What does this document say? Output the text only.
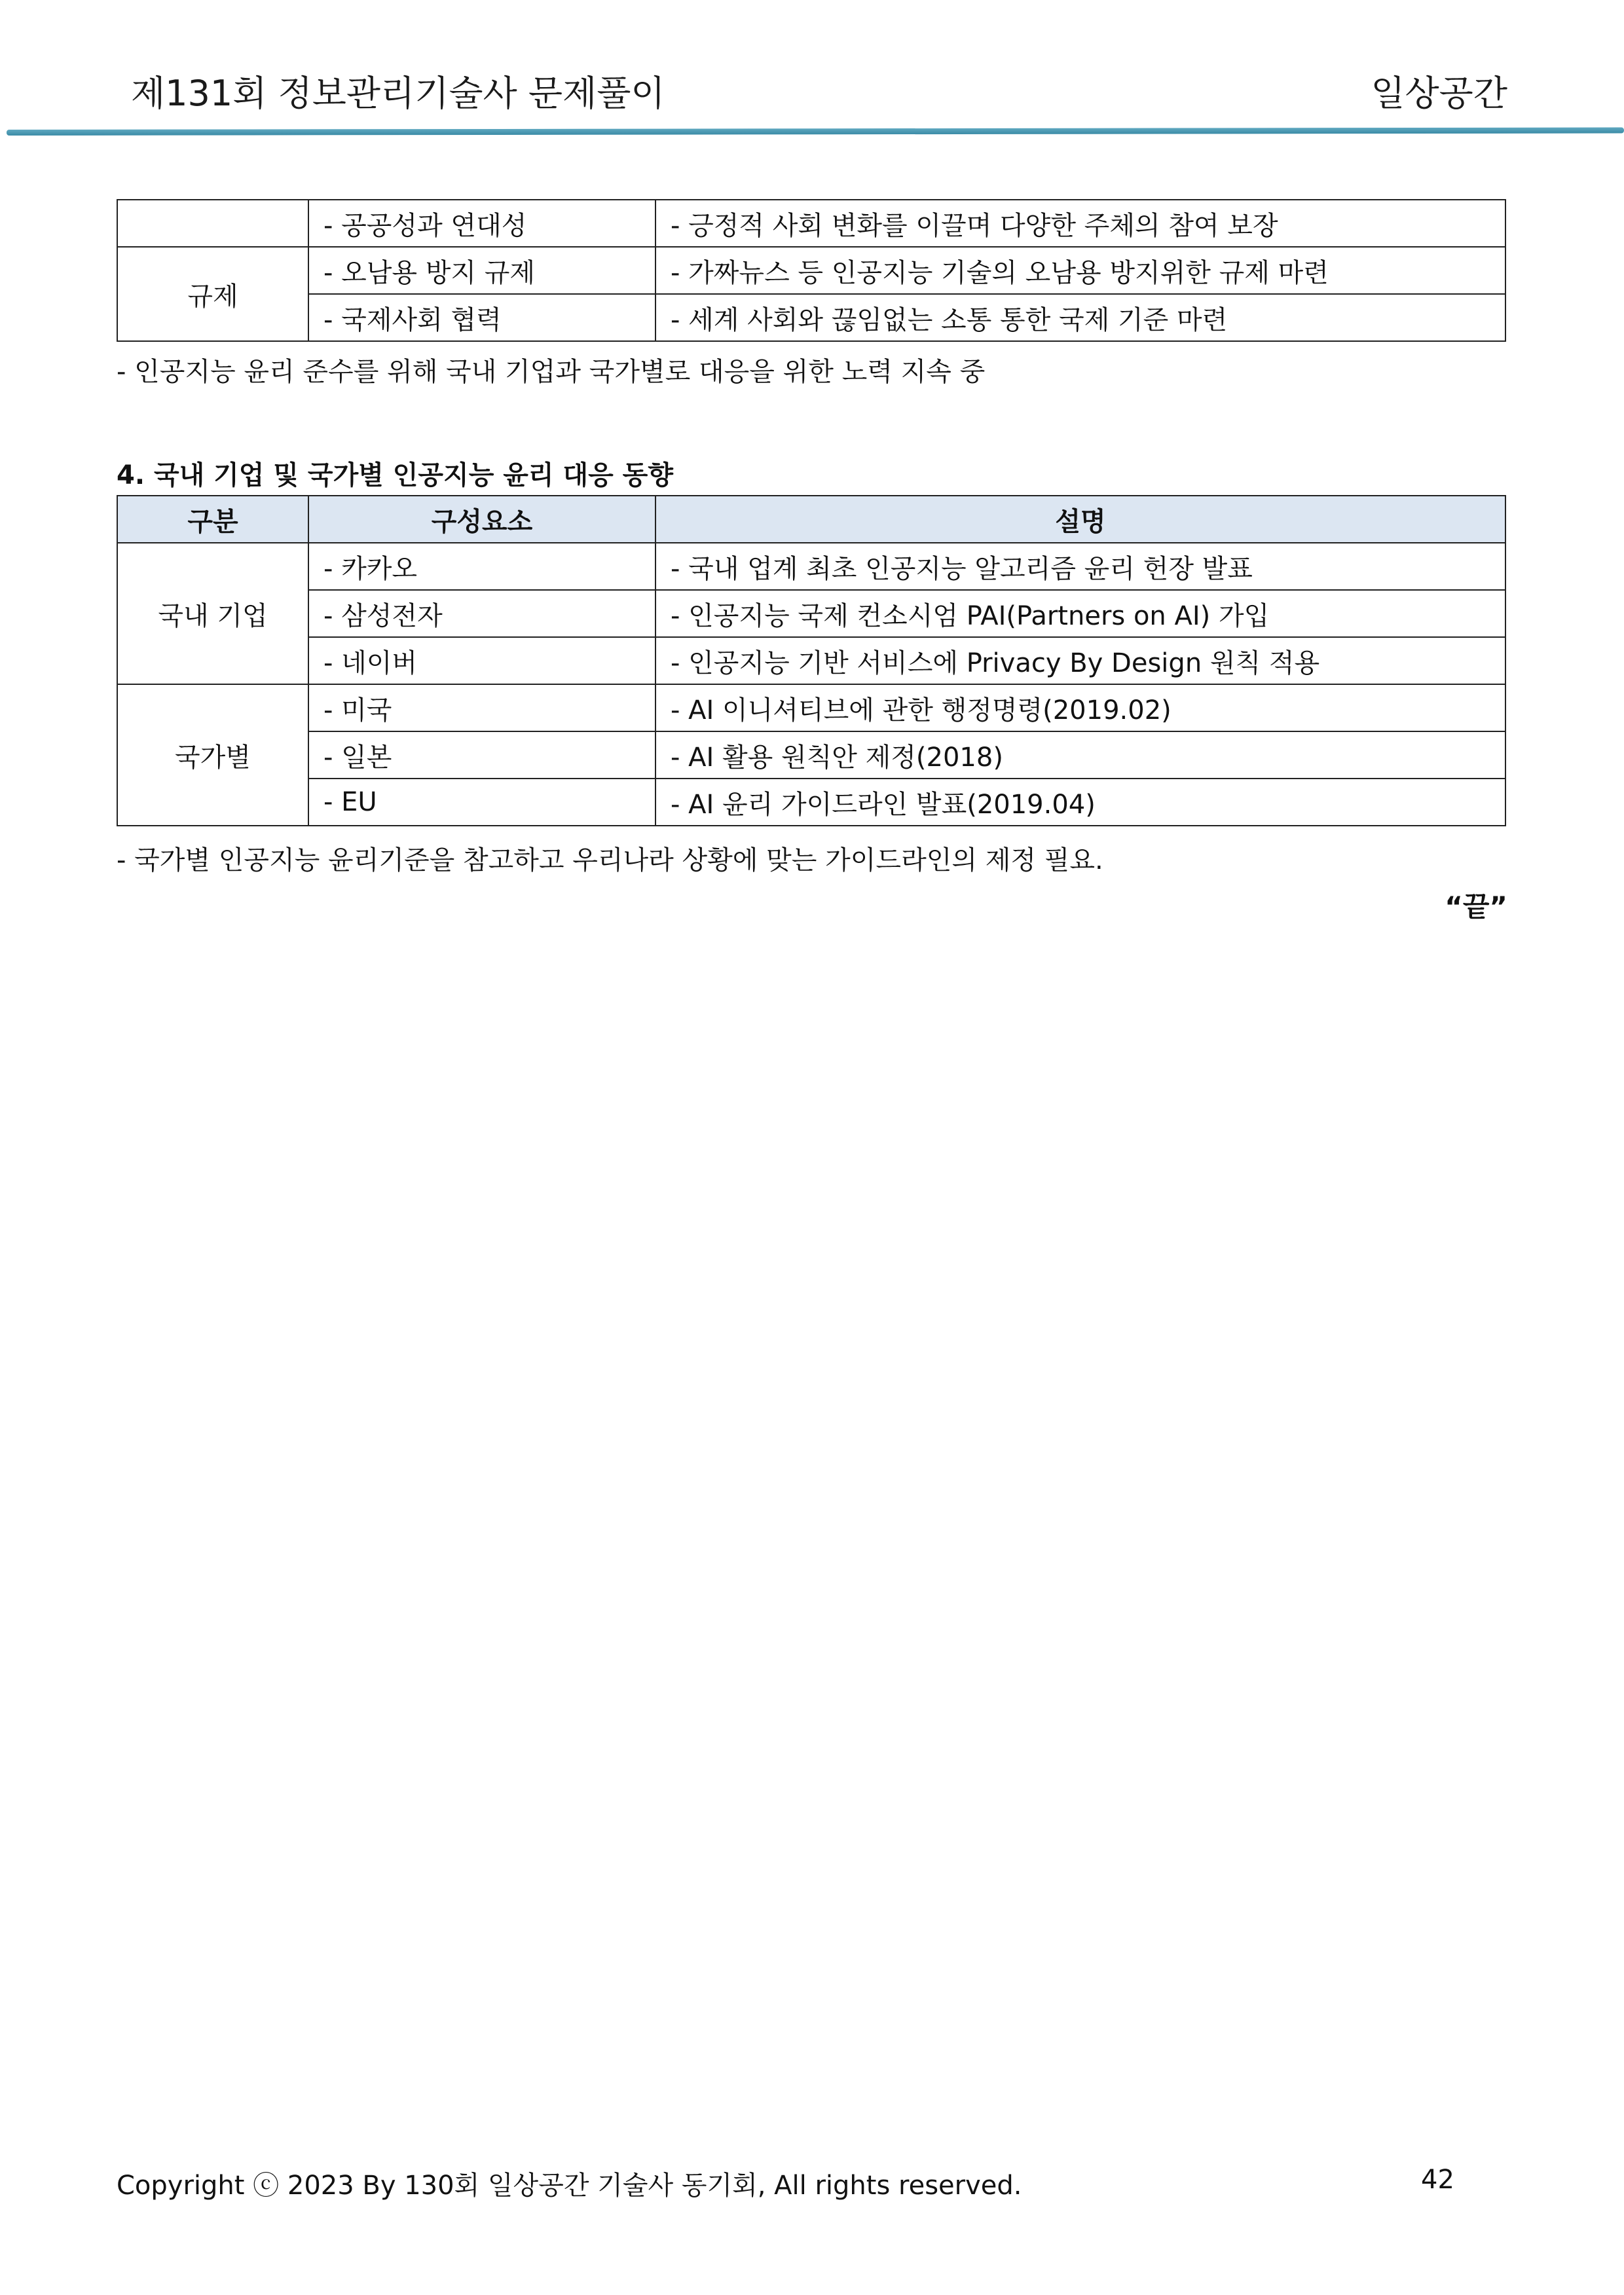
제131회 정보관리기술사 문제풀이	일상공간
	- 공공성과 연대성	- 긍정적 사회 변화를 이끌며 다양한 주체의 참여 보장
규제	- 오남용 방지 규제	- 가짜뉴스 등 인공지능 기술의 오남용 방지위한 규제 마련
	- 국제사회 협력	- 세계 사회와 끊임없는 소통 통한 국제 기준 마련
- 인공지능 윤리 준수를 위해 국내 기업과 국가별로 대응을 위한 노력 지속 중
4. 국내 기업 및 국가별 인공지능 윤리 대응 동향
구분	구성요소	설명
국내 기업	- 카카오	- 국내 업계 최초 인공지능 알고리즘 윤리 헌장 발표
	- 삼성전자	- 인공지능 국제 컨소시엄 PAI(Partners on AI) 가입
	- 네이버	- 인공지능 기반 서비스에 Privacy By Design 원칙 적용
국가별	- 미국	- AI 이니셔티브에 관한 행정명령(2019.02)
	- 일본	- AI 활용 원칙안 제정(2018)
	- EU	- AI 윤리 가이드라인 발표(2019.04)
- 국가별 인공지능 윤리기준을 참고하고 우리나라 상황에 맞는 가이드라인의 제정 필요.
“끝”
Copyright ⓒ 2023 By 130회 일상공간 기술사 동기회, All rights reserved.	42
